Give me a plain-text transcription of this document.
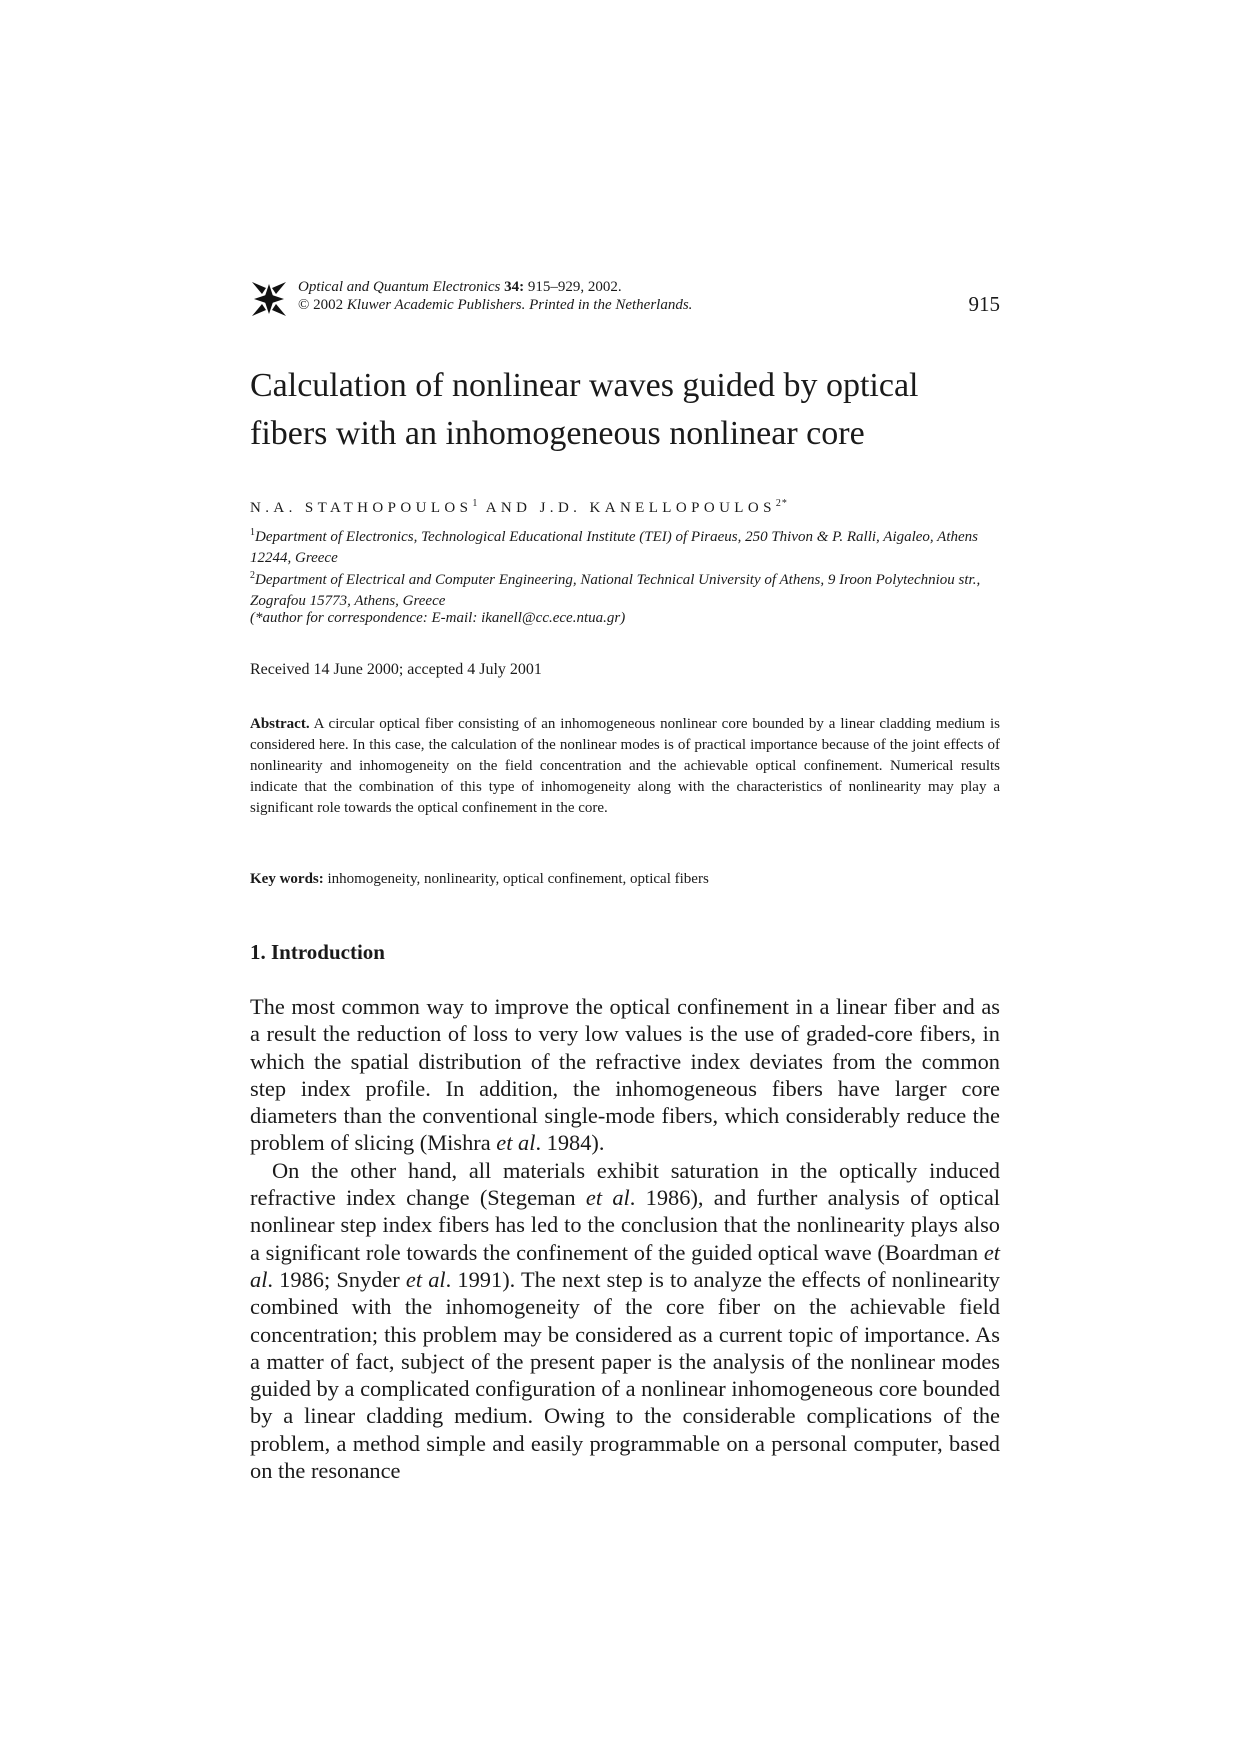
Optical and Quantum Electronics 34: 915–929, 2002.
© 2002 Kluwer Academic Publishers. Printed in the Netherlands.	915
Calculation of nonlinear waves guided by optical
fibers with an inhomogeneous nonlinear core
N.A. STATHOPOULOS$^1$ AND J.D. $KANELLOPOULOS^{2*}$
$^1$Department of Electronics, Technological Educational Institute (TEI) of Piraeus, 250 Thivon & P. Ralli, Aigaleo, Athens 12244, Greece
$^2$Department of Electrical and Computer Engineering, National Technical University of Athens, 9 Iroon Polytechniou str., Zografou 15773, Athens, Greece
(*author for correspondence: E-mail: ikanell@cc.ece.ntua.gr)
Received 14 June 2000; accepted 4 July 2001

Abstract. A circular optical fiber consisting of an inhomogeneous nonlinear core bounded by a linear cladding medium is considered here. In this case, the calculation of the nonlinear modes is of practical importance because of the joint effects of nonlinearity and inhomogeneity on the field concentration and the achievable optical confinement. Numerical results indicate that the combination of this type of inhomogeneity along with the characteristics of nonlinearity may play a significant role towards the optical confinement in the core.

Key words: inhomogeneity, nonlinearity, optical confinement, optical fibers
1. Introduction

The most common way to improve the optical confinement in a linear fiber and as a result the reduction of loss to very low values is the use of graded-core fibers, in which the spatial distribution of the refractive index deviates from the common step index profile. In addition, the inhomogeneous fibers have larger core diameters than the conventional single-mode fibers, which considerably reduce the problem of slicing (Mishra et al. 1984).

On the other hand, all materials exhibit saturation in the optically induced refractive index change (Stegeman et al. 1986), and further analysis of optical nonlinear step index fibers has led to the conclusion that the nonlinearity plays also a significant role towards the confinement of the guided optical wave (Boardman et al. 1986; Snyder et al. 1991). The next step is to analyze the effects of nonlinearity combined with the inhomogeneity of the core fiber on the achievable field concentration; this problem may be considered as a current topic of importance. As a matter of fact, subject of the present paper is the analysis of the nonlinear modes guided by a complicated configuration of a nonlinear inhomogeneous core bounded by a linear cladding medium. Owing to the considerable complications of the problem, a method simple and easily programmable on a personal computer, based on the resonance
